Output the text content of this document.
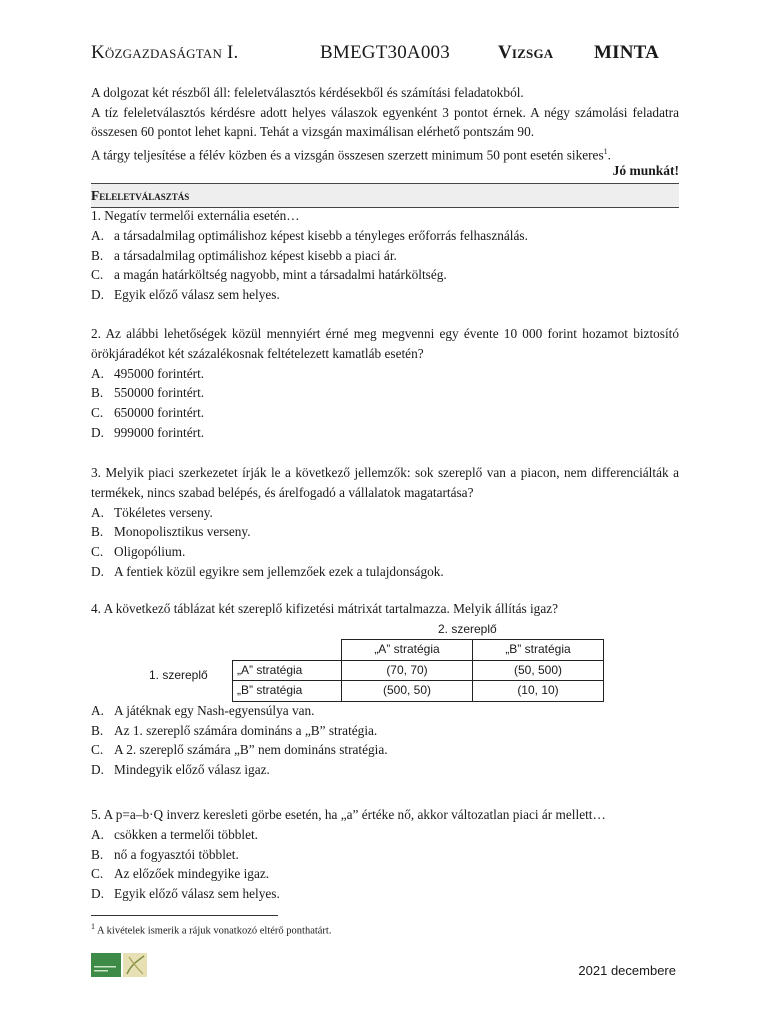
Közgazdaságtan I.	BMEGT30A003	Vizsga MINTA

A dolgozat két részből áll: feleletválasztós kérdésekből és számítási feladatokból.

A tíz feleletválasztós kérdésre adott helyes válaszok egyenként 3 pontot érnek. A négy számolási feladatra összesen 60 pontot lehet kapni. Tehát a vizsgán maximálisan elérhető pontszám 90.

A tárgy teljesítése a félév közben és a vizsgán összesen szerzett minimum 50 pont esetén sikeres$^1$.

Jó munkát!
Feleletválasztás
1. Negatív termelői externália esetén…
A. a társadalmilag optimálishoz képest kisebb a tényleges erőforrás felhasználás.
B. a társadalmilag optimálishoz képest kisebb a piaci ár.
C. a magán határköltség nagyobb, mint a társadalmi határköltség.
D. Egyik előző válasz sem helyes.
2. Az alábbi lehetőségek közül mennyiért érné meg megvenni egy évente 10 000 forint hozamot biztosító örökjáradékot két százalékosnak feltételezett kamatláb esetén?
A. 495000 forintért.
B. 550000 forintért.
C. 650000 forintért.
D. 999000 forintért.
3. Melyik piaci szerkezetet írják le a következő jellemzők: sok szereplő van a piacon, nem differenciálták a termékek, nincs szabad belépés, és árelfogadó a vállalatok magatartása?
A. Tökéletes verseny.
B. Monopolisztikus verseny.
C. Oligopólium.
D. A fentiek közül egyikre sem jellemzőek ezek a tulajdonságok.
4. A következő táblázat két szereplő kifizetési mátrixát tartalmazza. Melyik állítás igaz?
2. szereplő
1. szereplő
	„A” stratégia	„B” stratégia
„A” stratégia	(70, 70)	(50, 500)
„B” stratégia	(500, 50)	(10, 10)
A. A játéknak egy Nash-egyensúlya van.
B. Az 1. szereplő számára domináns a „B” stratégia.
C. A 2. szereplő számára „B” nem domináns stratégia.
D. Mindegyik előző válasz igaz.
5. A p=a–b·Q inverz keresleti görbe esetén, ha „a” értéke nő, akkor változatlan piaci ár mellett…
A. csökken a termelői többlet.
B. nő a fogyasztói többlet.
C. Az előzőek mindegyike igaz.
D. Egyik előző válasz sem helyes.
$^1$ A kivételek ismerik a rájuk vonatkozó eltérő ponthatárt.
2021 decembere
